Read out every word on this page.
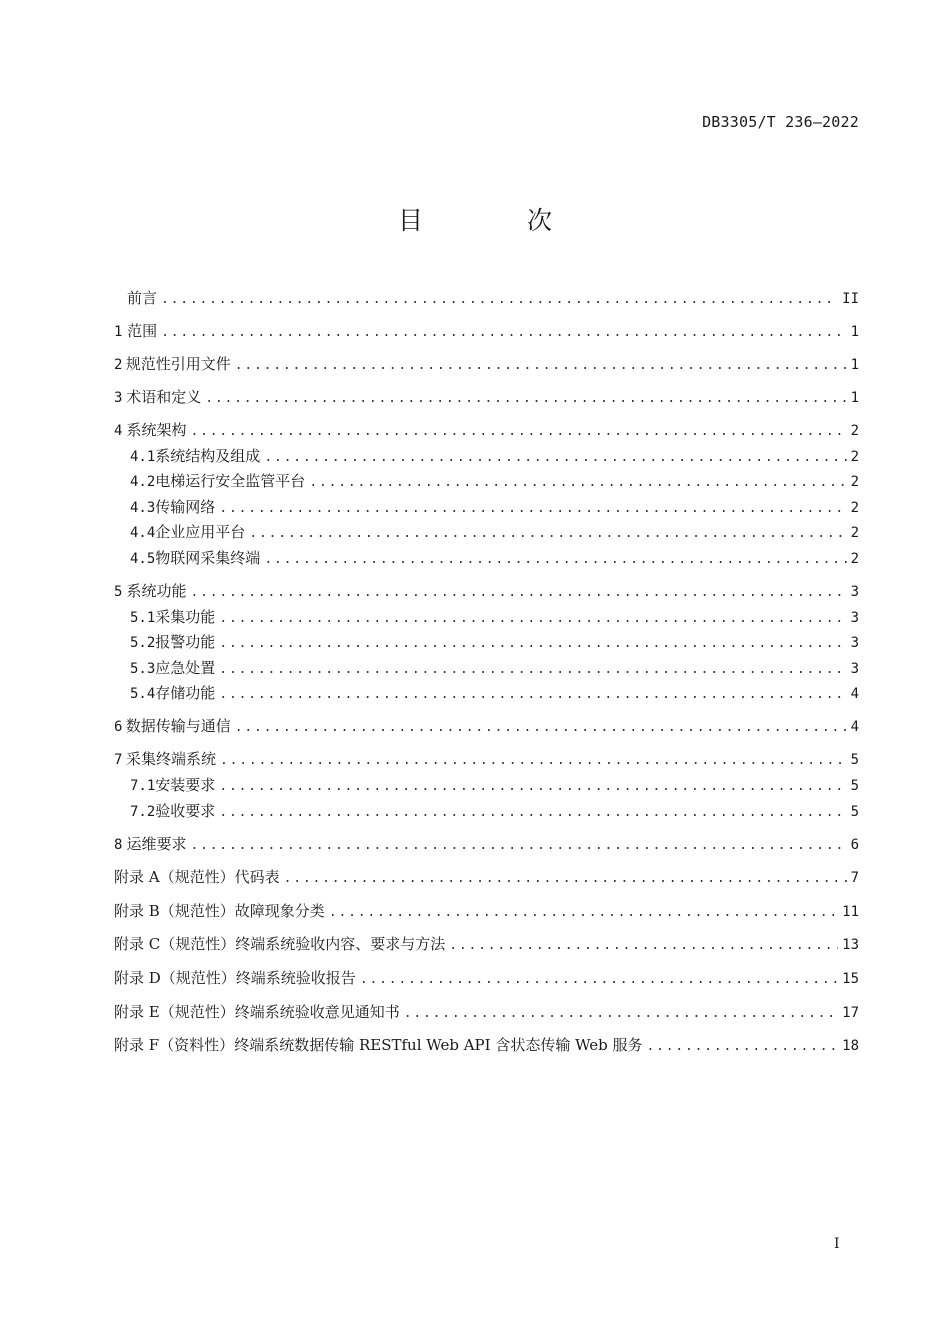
DB3305/T 236—2022
目 次
前言 .....	II
1 范围 .....	1
2 规范性引用文件 .....	1
3 术语和定义 .....	1
4 系统架构 .....	2
4.1 系统结构及组成 .....	2
4.2 电梯运行安全监管平台 .....	2
4.3 传输网络 .....	2
4.4 企业应用平台 .....	2
4.5 物联网采集终端 .....	2
5 系统功能 .....	3
5.1 采集功能 .....	3
5.2 报警功能 .....	3
5.3 应急处置 .....	3
5.4 存储功能 .....	4
6 数据传输与通信 .....	4
7 采集终端系统 .....	5
7.1 安装要求 .....	5
7.2 验收要求 .....	5
8 运维要求 .....	6
附录 A（规范性） 代码表 .....	7
附录 B（规范性） 故障现象分类 .....	11
附录 C（规范性） 终端系统验收内容、要求与方法 .....	13
附录 D（规范性） 终端系统验收报告 .....	15
附录 E（规范性） 终端系统验收意见通知书 .....	17
附录 F（资料性） 终端系统数据传输 RESTful Web API 含状态传输 Web 服务 .....	18
I
